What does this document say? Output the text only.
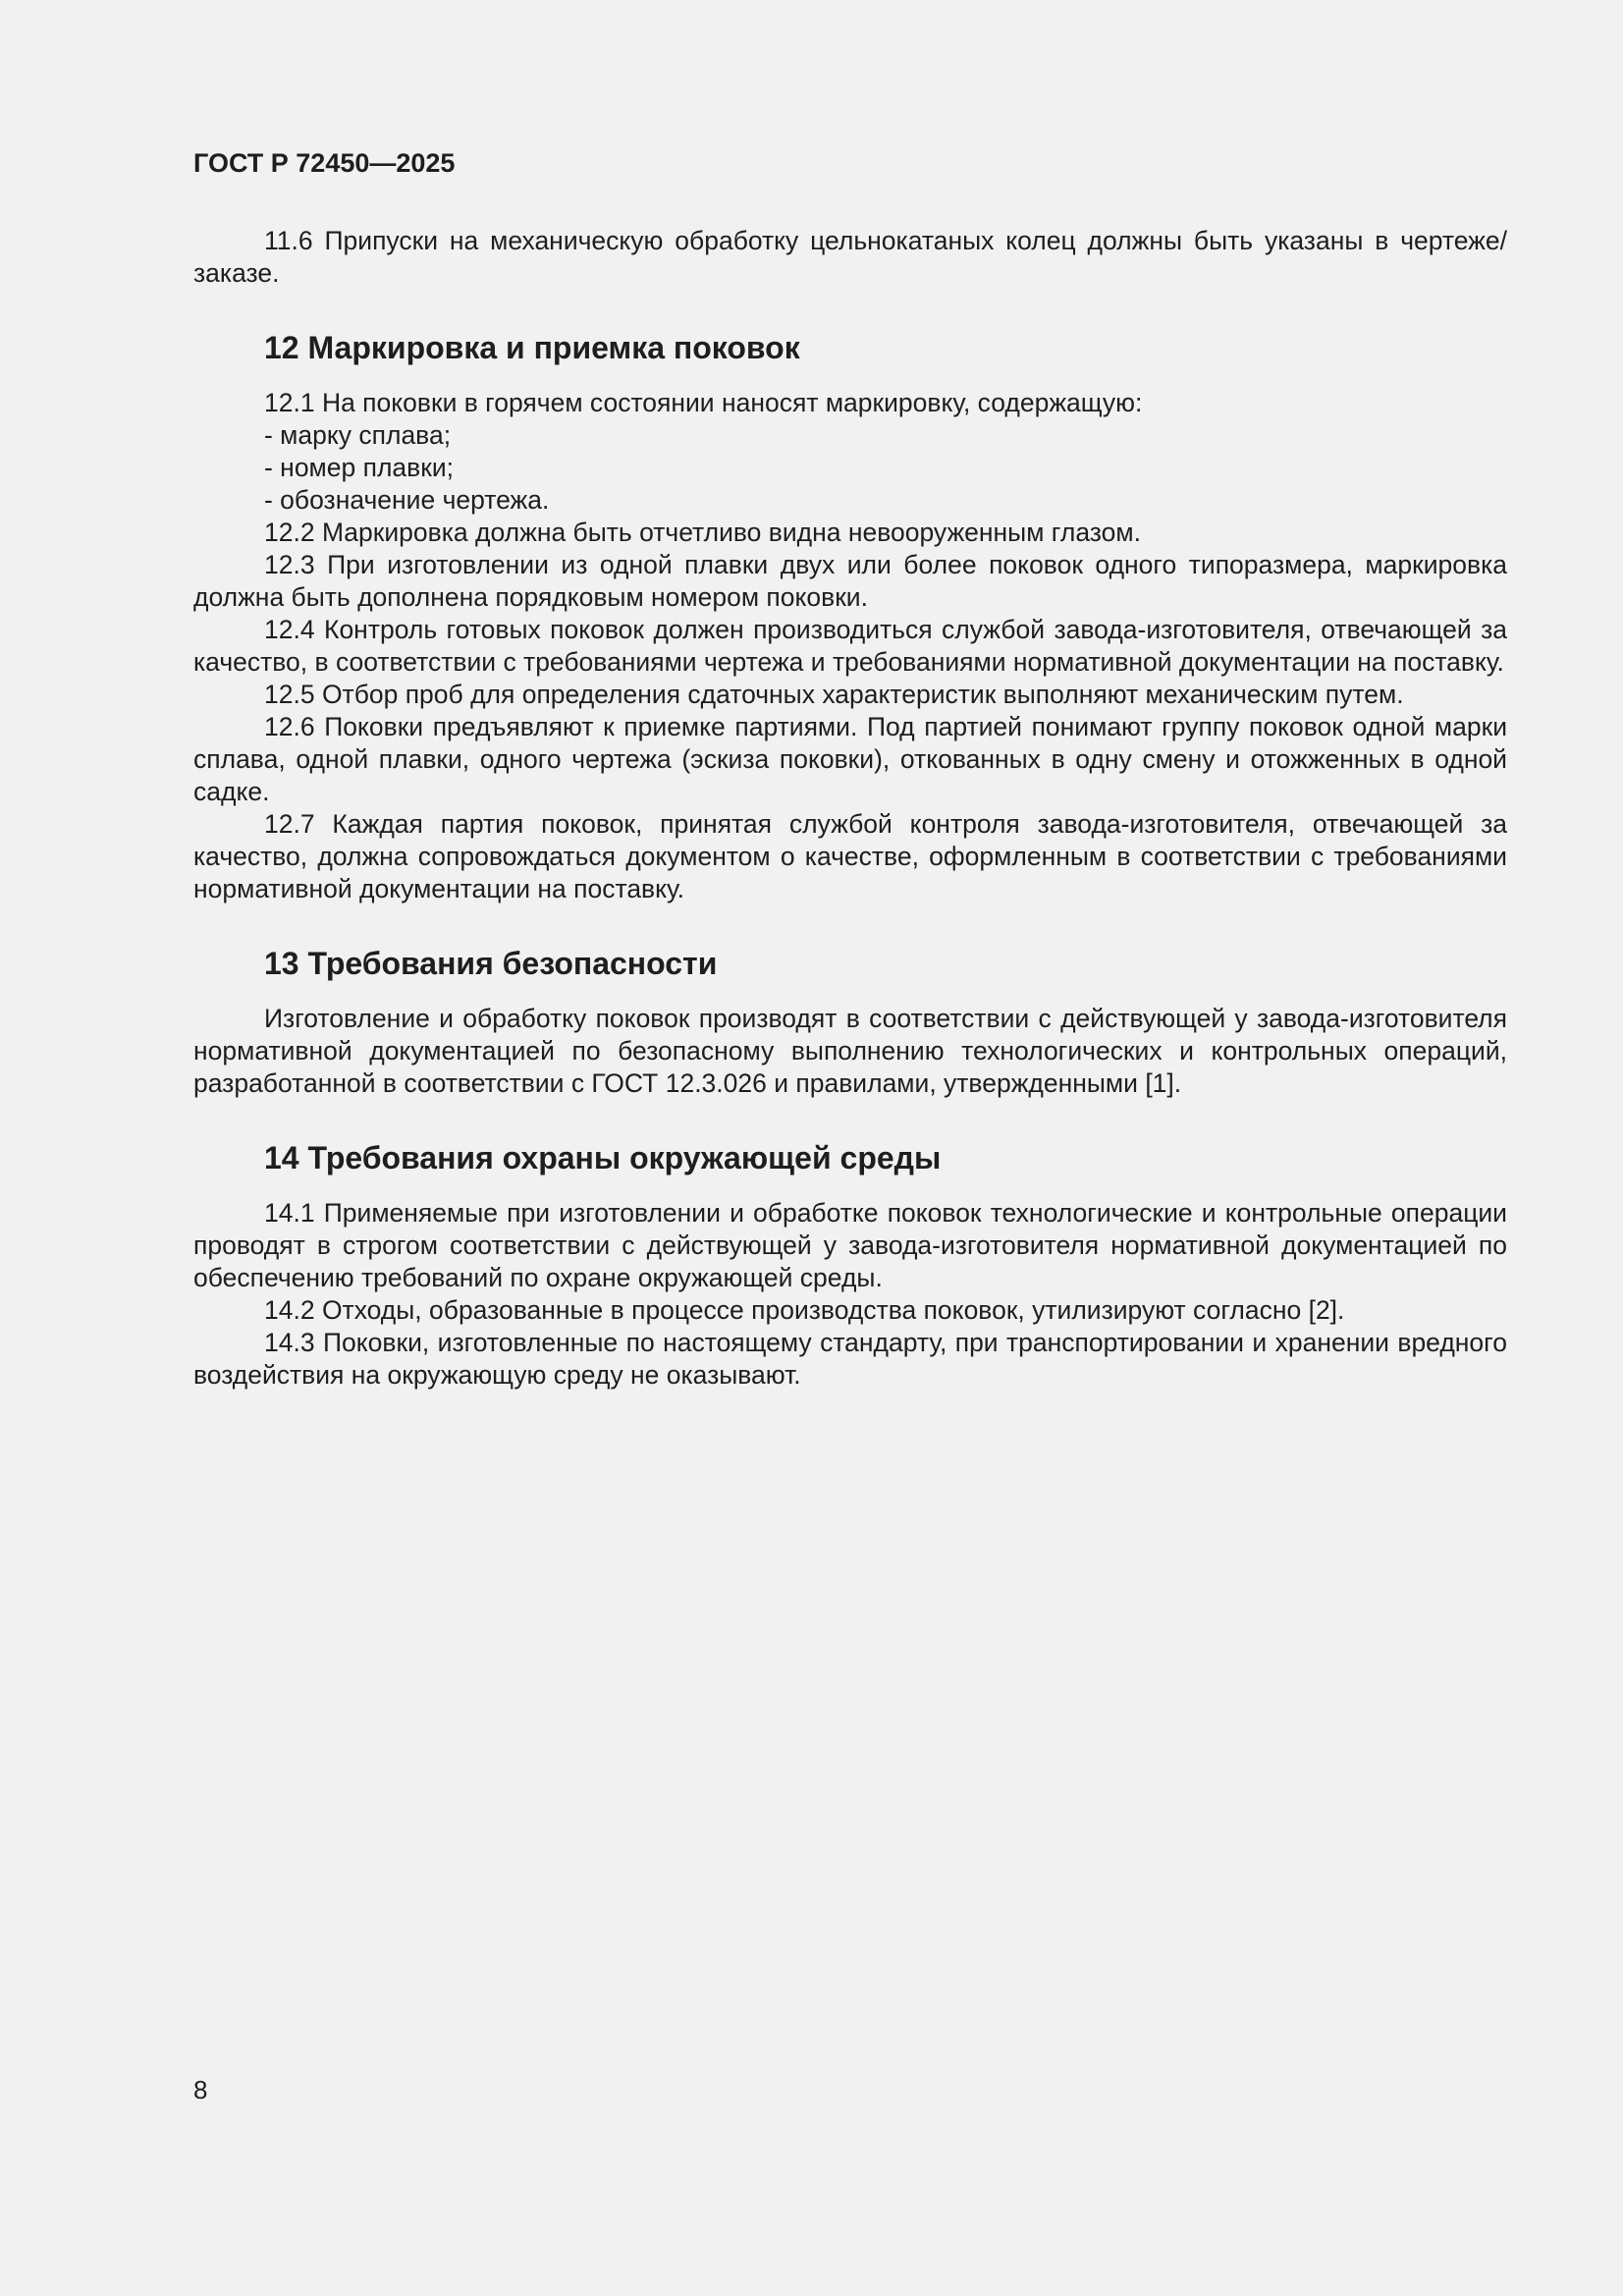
ГОСТ Р 72450—2025

11.6 Припуски на механическую обработку цельнокатаных колец должны быть указаны в чертеже/заказе.

12 Маркировка и приемка поковок

12.1 На поковки в горячем состоянии наносят маркировку, содержащую:

- марку сплава;

- номер плавки;

- обозначение чертежа.

12.2 Маркировка должна быть отчетливо видна невооруженным глазом.

12.3 При изготовлении из одной плавки двух или более поковок одного типоразмера, маркировка должна быть дополнена порядковым номером поковки.

12.4 Контроль готовых поковок должен производиться службой завода-изготовителя, отвечающей за качество, в соответствии с требованиями чертежа и требованиями нормативной документации на поставку.

12.5 Отбор проб для определения сдаточных характеристик выполняют механическим путем.

12.6 Поковки предъявляют к приемке партиями. Под партией понимают группу поковок одной марки сплава, одной плавки, одного чертежа (эскиза поковки), откованных в одну смену и отожженных в одной садке.

12.7 Каждая партия поковок, принятая службой контроля завода-изготовителя, отвечающей за качество, должна сопровождаться документом о качестве, оформленным в соответствии с требованиями нормативной документации на поставку.

13 Требования безопасности

Изготовление и обработку поковок производят в соответствии с действующей у завода-изготовителя нормативной документацией по безопасному выполнению технологических и контрольных операций, разработанной в соответствии с ГОСТ 12.3.026 и правилами, утвержденными [1].

14 Требования охраны окружающей среды

14.1 Применяемые при изготовлении и обработке поковок технологические и контрольные операции проводят в строгом соответствии с действующей у завода-изготовителя нормативной документацией по обеспечению требований по охране окружающей среды.

14.2 Отходы, образованные в процессе производства поковок, утилизируют согласно [2].

14.3 Поковки, изготовленные по настоящему стандарту, при транспортировании и хранении вредного воздействия на окружающую среду не оказывают.

8
